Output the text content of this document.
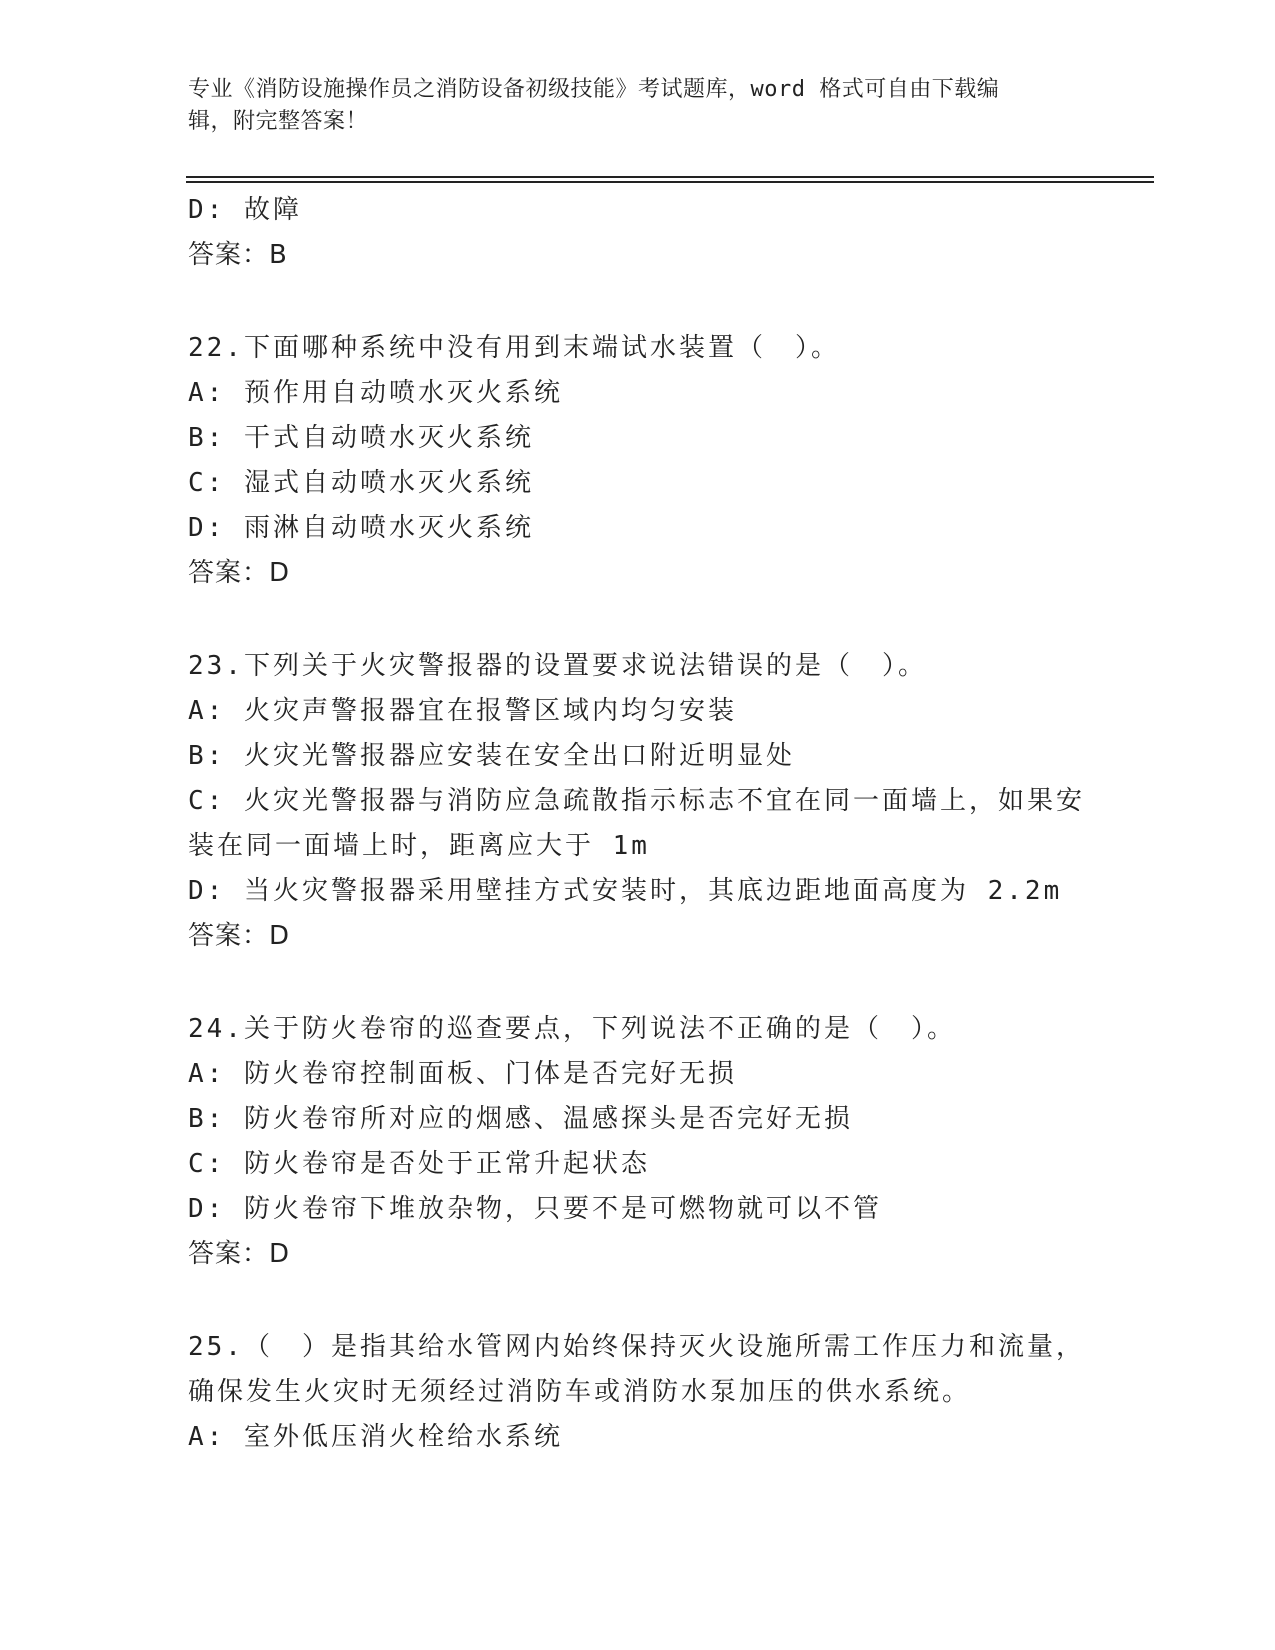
专业《消防设施操作员之消防设备初级技能》考试题库，word 格式可自由下载编
辑，附完整答案！
D: 故障
答案：B
22.下面哪种系统中没有用到末端试水装置（　）。
A: 预作用自动喷水灭火系统
B: 干式自动喷水灭火系统
C: 湿式自动喷水灭火系统
D: 雨淋自动喷水灭火系统
答案：D
23.下列关于火灾警报器的设置要求说法错误的是（　）。
A: 火灾声警报器宜在报警区域内均匀安装
B: 火灾光警报器应安装在安全出口附近明显处
C: 火灾光警报器与消防应急疏散指示标志不宜在同一面墙上，如果安
装在同一面墙上时，距离应大于 1m
D: 当火灾警报器采用壁挂方式安装时，其底边距地面高度为 2.2m
答案：D
24.关于防火卷帘的巡查要点，下列说法不正确的是（　）。
A: 防火卷帘控制面板、门体是否完好无损
B: 防火卷帘所对应的烟感、温感探头是否完好无损
C: 防火卷帘是否处于正常升起状态
D: 防火卷帘下堆放杂物，只要不是可燃物就可以不管
答案：D
25.（　）是指其给水管网内始终保持灭火设施所需工作压力和流量，
确保发生火灾时无须经过消防车或消防水泵加压的供水系统。
A: 室外低压消火栓给水系统
